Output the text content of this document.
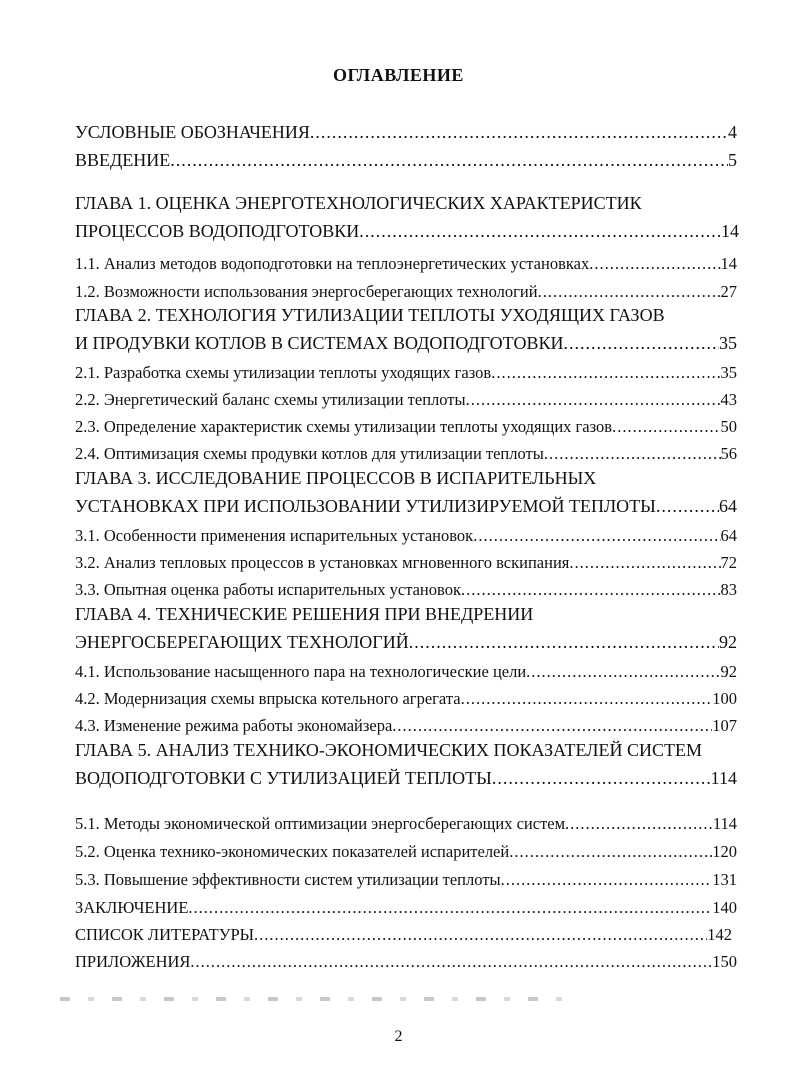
ОГЛАВЛЕНИЕ
УСЛОВНЫЕ ОБОЗНАЧЕНИЯ .....	4
ВВЕДЕНИЕ .....	5
ГЛАВА 1. ОЦЕНКА ЭНЕРГОТЕХНОЛОГИЧЕСКИХ ХАРАКТЕРИСТИК
ПРОЦЕССОВ ВОДОПОДГОТОВКИ .....	14
1.1. Анализ методов водоподготовки на теплоэнергетических установках .....	14
1.2. Возможности использования энергосберегающих технологий .....	27
ГЛАВА 2. ТЕХНОЛОГИЯ УТИЛИЗАЦИИ ТЕПЛОТЫ УХОДЯЩИХ ГАЗОВ
И ПРОДУВКИ КОТЛОВ В СИСТЕМАХ ВОДОПОДГОТОВКИ .....	35
2.1. Разработка схемы утилизации теплоты уходящих газов .....	35
2.2. Энергетический баланс схемы утилизации теплоты .....	43
2.3. Определение характеристик схемы утилизации теплоты уходящих газов .....	50
2.4. Оптимизация схемы продувки котлов для утилизации теплоты .....	56
ГЛАВА 3. ИССЛЕДОВАНИЕ ПРОЦЕССОВ В ИСПАРИТЕЛЬНЫХ
УСТАНОВКАХ ПРИ ИСПОЛЬЗОВАНИИ УТИЛИЗИРУЕМОЙ ТЕПЛОТЫ .....	64
3.1. Особенности применения испарительных установок .....	64
3.2. Анализ тепловых процессов в установках мгновенного вскипания .....	72
3.3. Опытная оценка работы испарительных установок .....	83
ГЛАВА 4. ТЕХНИЧЕСКИЕ РЕШЕНИЯ ПРИ ВНЕДРЕНИИ
ЭНЕРГОСБЕРЕГАЮЩИХ ТЕХНОЛОГИЙ .....	92
4.1. Использование насыщенного пара на технологические цели .....	92
4.2. Модернизация схемы впрыска котельного агрегата .....	100
4.3. Изменение режима работы экономайзера .....	107
ГЛАВА 5. АНАЛИЗ ТЕХНИКО-ЭКОНОМИЧЕСКИХ ПОКАЗАТЕЛЕЙ СИСТЕМ
ВОДОПОДГОТОВКИ С УТИЛИЗАЦИЕЙ ТЕПЛОТЫ .....	114
5.1. Методы экономической оптимизации энергосберегающих систем .....	114
5.2. Оценка технико-экономических показателей испарителей .....	120
5.3. Повышение эффективности систем утилизации теплоты .....	131
ЗАКЛЮЧЕНИЕ .....	140
СПИСОК ЛИТЕРАТУРЫ .....	142
ПРИЛОЖЕНИЯ .....	150
2
